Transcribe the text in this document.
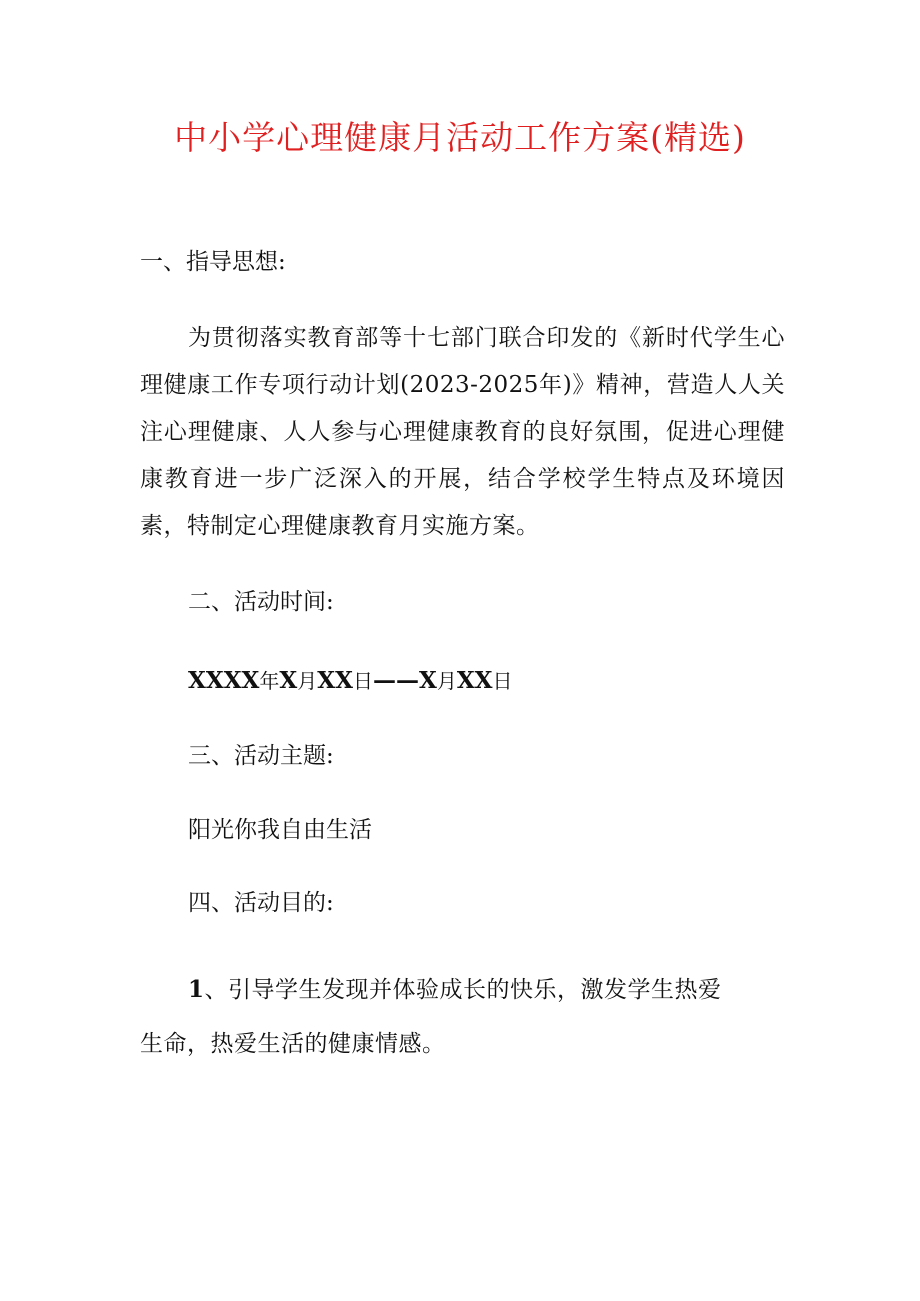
中小学心理健康月活动工作方案(精选)
一、指导思想:
为贯彻落实教育部等十七部门联合印发的《新时代学生心理健康工作专项行动计划(2023-2025年)》精神，营造人人关注心理健康、人人参与心理健康教育的良好氛围，促进心理健康教育进一步广泛深入的开展，结合学校学生特点及环境因素，特制定心理健康教育月实施方案。
二、活动时间:
XXXX年X月XX日——X月XX日
三、活动主题:
阳光你我自由生活
四、活动目的:
1、引导学生发现并体验成长的快乐，激发学生热爱生命，热爱生活的健康情感。
